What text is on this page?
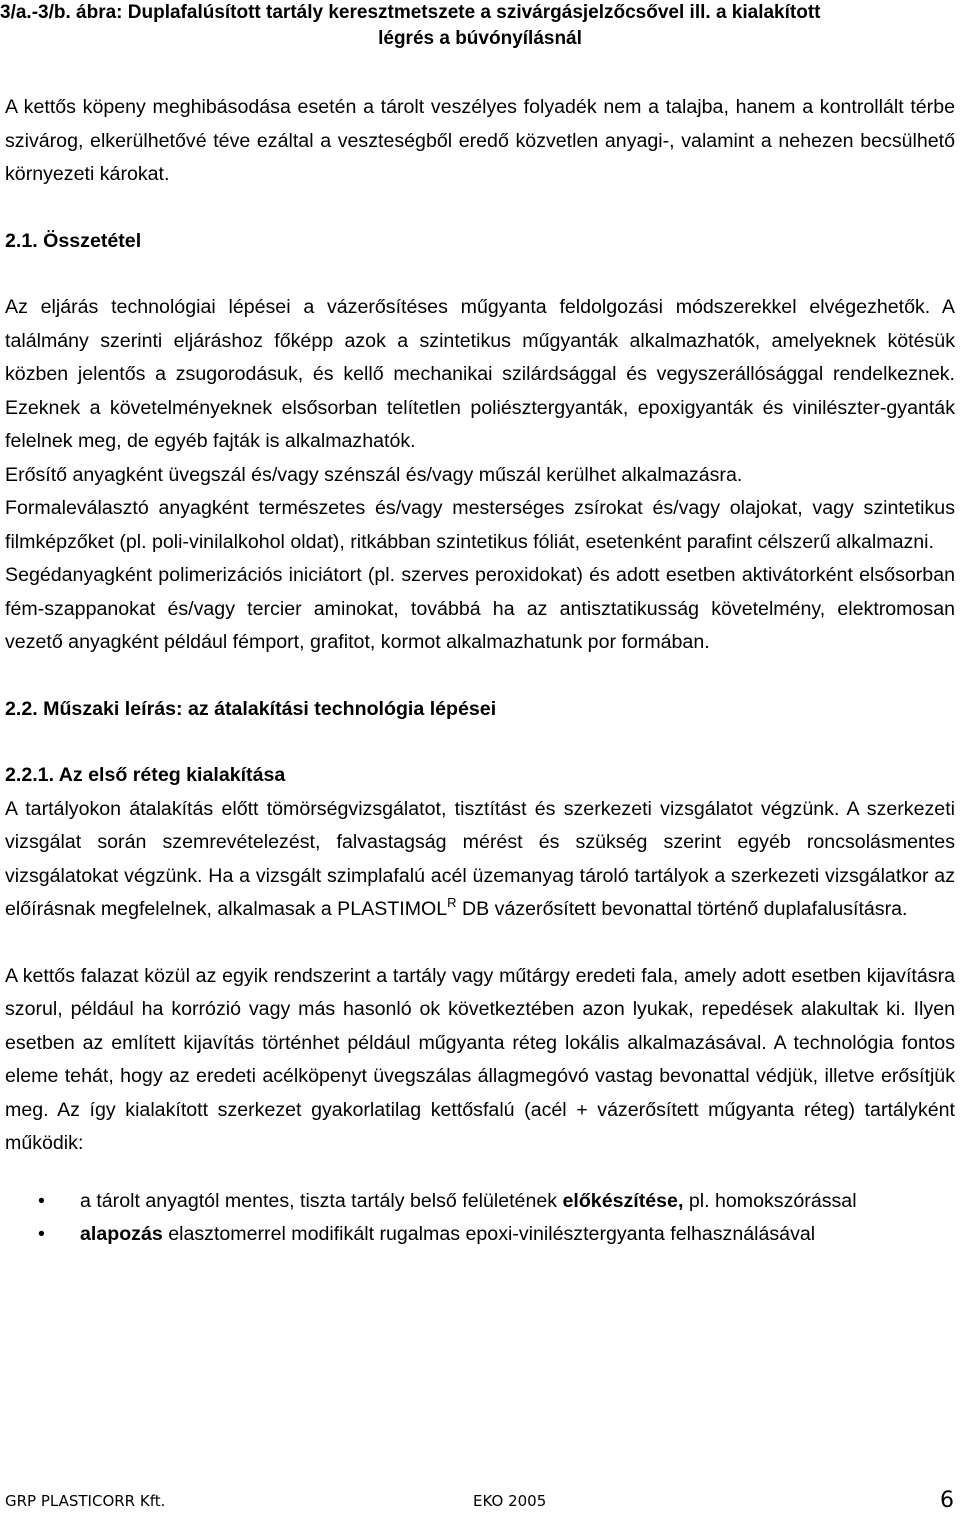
3/a.-3/b. ábra: Duplafalúsított tartály keresztmetszete a szivárgásjelzőcsővel ill. a kialakított
légrés a búvónyílásnál

A kettős köpeny meghibásodása esetén a tárolt veszélyes folyadék nem a talajba, hanem a kontrollált térbe szivárog, elkerülhetővé téve ezáltal a veszteségből eredő közvetlen anyagi-, valamint a nehezen becsülhető környezeti károkat.

2.1. Összetétel

Az eljárás technológiai lépései a vázerősítéses műgyanta feldolgozási módszerekkel elvégezhetők. A találmány szerinti eljáráshoz főképp azok a szintetikus műgyanták alkalmazhatók, amelyeknek kötésük közben jelentős a zsugorodásuk, és kellő mechanikai szilárdsággal és vegyszerállósággal rendelkeznek. Ezeknek a követelményeknek elsősorban telítetlen poliésztergyanták, epoxigyanták és vinilészter-gyanták felelnek meg, de egyéb fajták is alkalmazhatók.

Erősítő anyagként üvegszál és/vagy szénszál és/vagy műszál kerülhet alkalmazásra.

Formaleválasztó anyagként természetes és/vagy mesterséges zsírokat és/vagy olajokat, vagy szintetikus filmképzőket (pl. poli-vinilalkohol oldat), ritkábban szintetikus fóliát, esetenként parafint célszerű alkalmazni.

Segédanyagként polimerizációs iniciátort (pl. szerves peroxidokat) és adott esetben aktivátorként elsősorban fém-szappanokat és/vagy tercier aminokat, továbbá ha az antisztatikusság követelmény, elektromosan vezető anyagként például fémport, grafitot, kormot alkalmazhatunk por formában.

2.2. Műszaki leírás: az átalakítási technológia lépései

2.2.1. Az első réteg kialakítása

A tartályokon átalakítás előtt tömörségvizsgálatot, tisztítást és szerkezeti vizsgálatot végzünk. A szerkezeti vizsgálat során szemrevételezést, falvastagság mérést és szükség szerint egyéb roncsolásmentes vizsgálatokat végzünk. Ha a vizsgált szimplafalú acél üzemanyag tároló tartályok a szerkezeti vizsgálatkor az előírásnak megfelelnek, alkalmasak a $PLASTIMOL^R$ DB vázerősített bevonattal történő duplafalusításra.

A kettős falazat közül az egyik rendszerint a tartály vagy műtárgy eredeti fala, amely adott esetben kijavításra szorul, például ha korrózió vagy más hasonló ok következtében azon lyukak, repedések alakultak ki. Ilyen esetben az említett kijavítás történhet például műgyanta réteg lokális alkalmazásával. A technológia fontos eleme tehát, hogy az eredeti acélköpenyt üvegszálas állagmegóvó vastag bevonattal védjük, illetve erősítjük meg. Az így kialakított szerkezet gyakorlatilag kettősfalú (acél + vázerősített műgyanta réteg) tartályként működik:

• a tárolt anyagtól mentes, tiszta tartály belső felületének előkészítése, pl. homokszórással
• alapozás elasztomerrel modifikált rugalmas epoxi-vinilésztergyanta felhasználásával
GRP PLASTICORR Kft.	EKO 2005	6
